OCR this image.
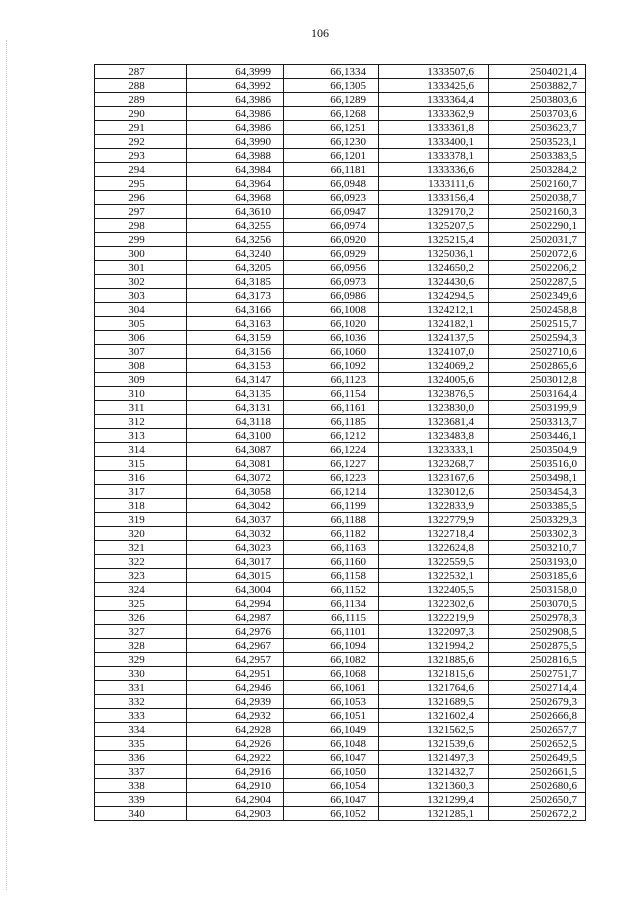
106
287	64,3999	66,1334	1333507,6	2504021,4
288	64,3992	66,1305	1333425,6	2503882,7
289	64,3986	66,1289	1333364,4	2503803,6
290	64,3986	66,1268	1333362,9	2503703,6
291	64,3986	66,1251	1333361,8	2503623,7
292	64,3990	66,1230	1333400,1	2503523,1
293	64,3988	66,1201	1333378,1	2503383,5
294	64,3984	66,1181	1333336,6	2503284,2
295	64,3964	66,0948	1333111,6	2502160,7
296	64,3968	66,0923	1333156,4	2502038,7
297	64,3610	66,0947	1329170,2	2502160,3
298	64,3255	66,0974	1325207,5	2502290,1
299	64,3256	66,0920	1325215,4	2502031,7
300	64,3240	66,0929	1325036,1	2502072,6
301	64,3205	66,0956	1324650,2	2502206,2
302	64,3185	66,0973	1324430,6	2502287,5
303	64,3173	66,0986	1324294,5	2502349,6
304	64,3166	66,1008	1324212,1	2502458,8
305	64,3163	66,1020	1324182,1	2502515,7
306	64,3159	66,1036	1324137,5	2502594,3
307	64,3156	66,1060	1324107,0	2502710,6
308	64,3153	66,1092	1324069,2	2502865,6
309	64,3147	66,1123	1324005,6	2503012,8
310	64,3135	66,1154	1323876,5	2503164,4
311	64,3131	66,1161	1323830,0	2503199,9
312	64,3118	66,1185	1323681,4	2503313,7
313	64,3100	66,1212	1323483,8	2503446,1
314	64,3087	66,1224	1323333,1	2503504,9
315	64,3081	66,1227	1323268,7	2503516,0
316	64,3072	66,1223	1323167,6	2503498,1
317	64,3058	66,1214	1323012,6	2503454,3
318	64,3042	66,1199	1322833,9	2503385,5
319	64,3037	66,1188	1322779,9	2503329,3
320	64,3032	66,1182	1322718,4	2503302,3
321	64,3023	66,1163	1322624,8	2503210,7
322	64,3017	66,1160	1322559,5	2503193,0
323	64,3015	66,1158	1322532,1	2503185,6
324	64,3004	66,1152	1322405,5	2503158,0
325	64,2994	66,1134	1322302,6	2503070,5
326	64,2987	66,1115	1322219,9	2502978,3
327	64,2976	66,1101	1322097,3	2502908,5
328	64,2967	66,1094	1321994,2	2502875,5
329	64,2957	66,1082	1321885,6	2502816,5
330	64,2951	66,1068	1321815,6	2502751,7
331	64,2946	66,1061	1321764,6	2502714,4
332	64,2939	66,1053	1321689,5	2502679,3
333	64,2932	66,1051	1321602,4	2502666,8
334	64,2928	66,1049	1321562,5	2502657,7
335	64,2926	66,1048	1321539,6	2502652,5
336	64,2922	66,1047	1321497,3	2502649,5
337	64,2916	66,1050	1321432,7	2502661,5
338	64,2910	66,1054	1321360,3	2502680,6
339	64,2904	66,1047	1321299,4	2502650,7
340	64,2903	66,1052	1321285,1	2502672,2
